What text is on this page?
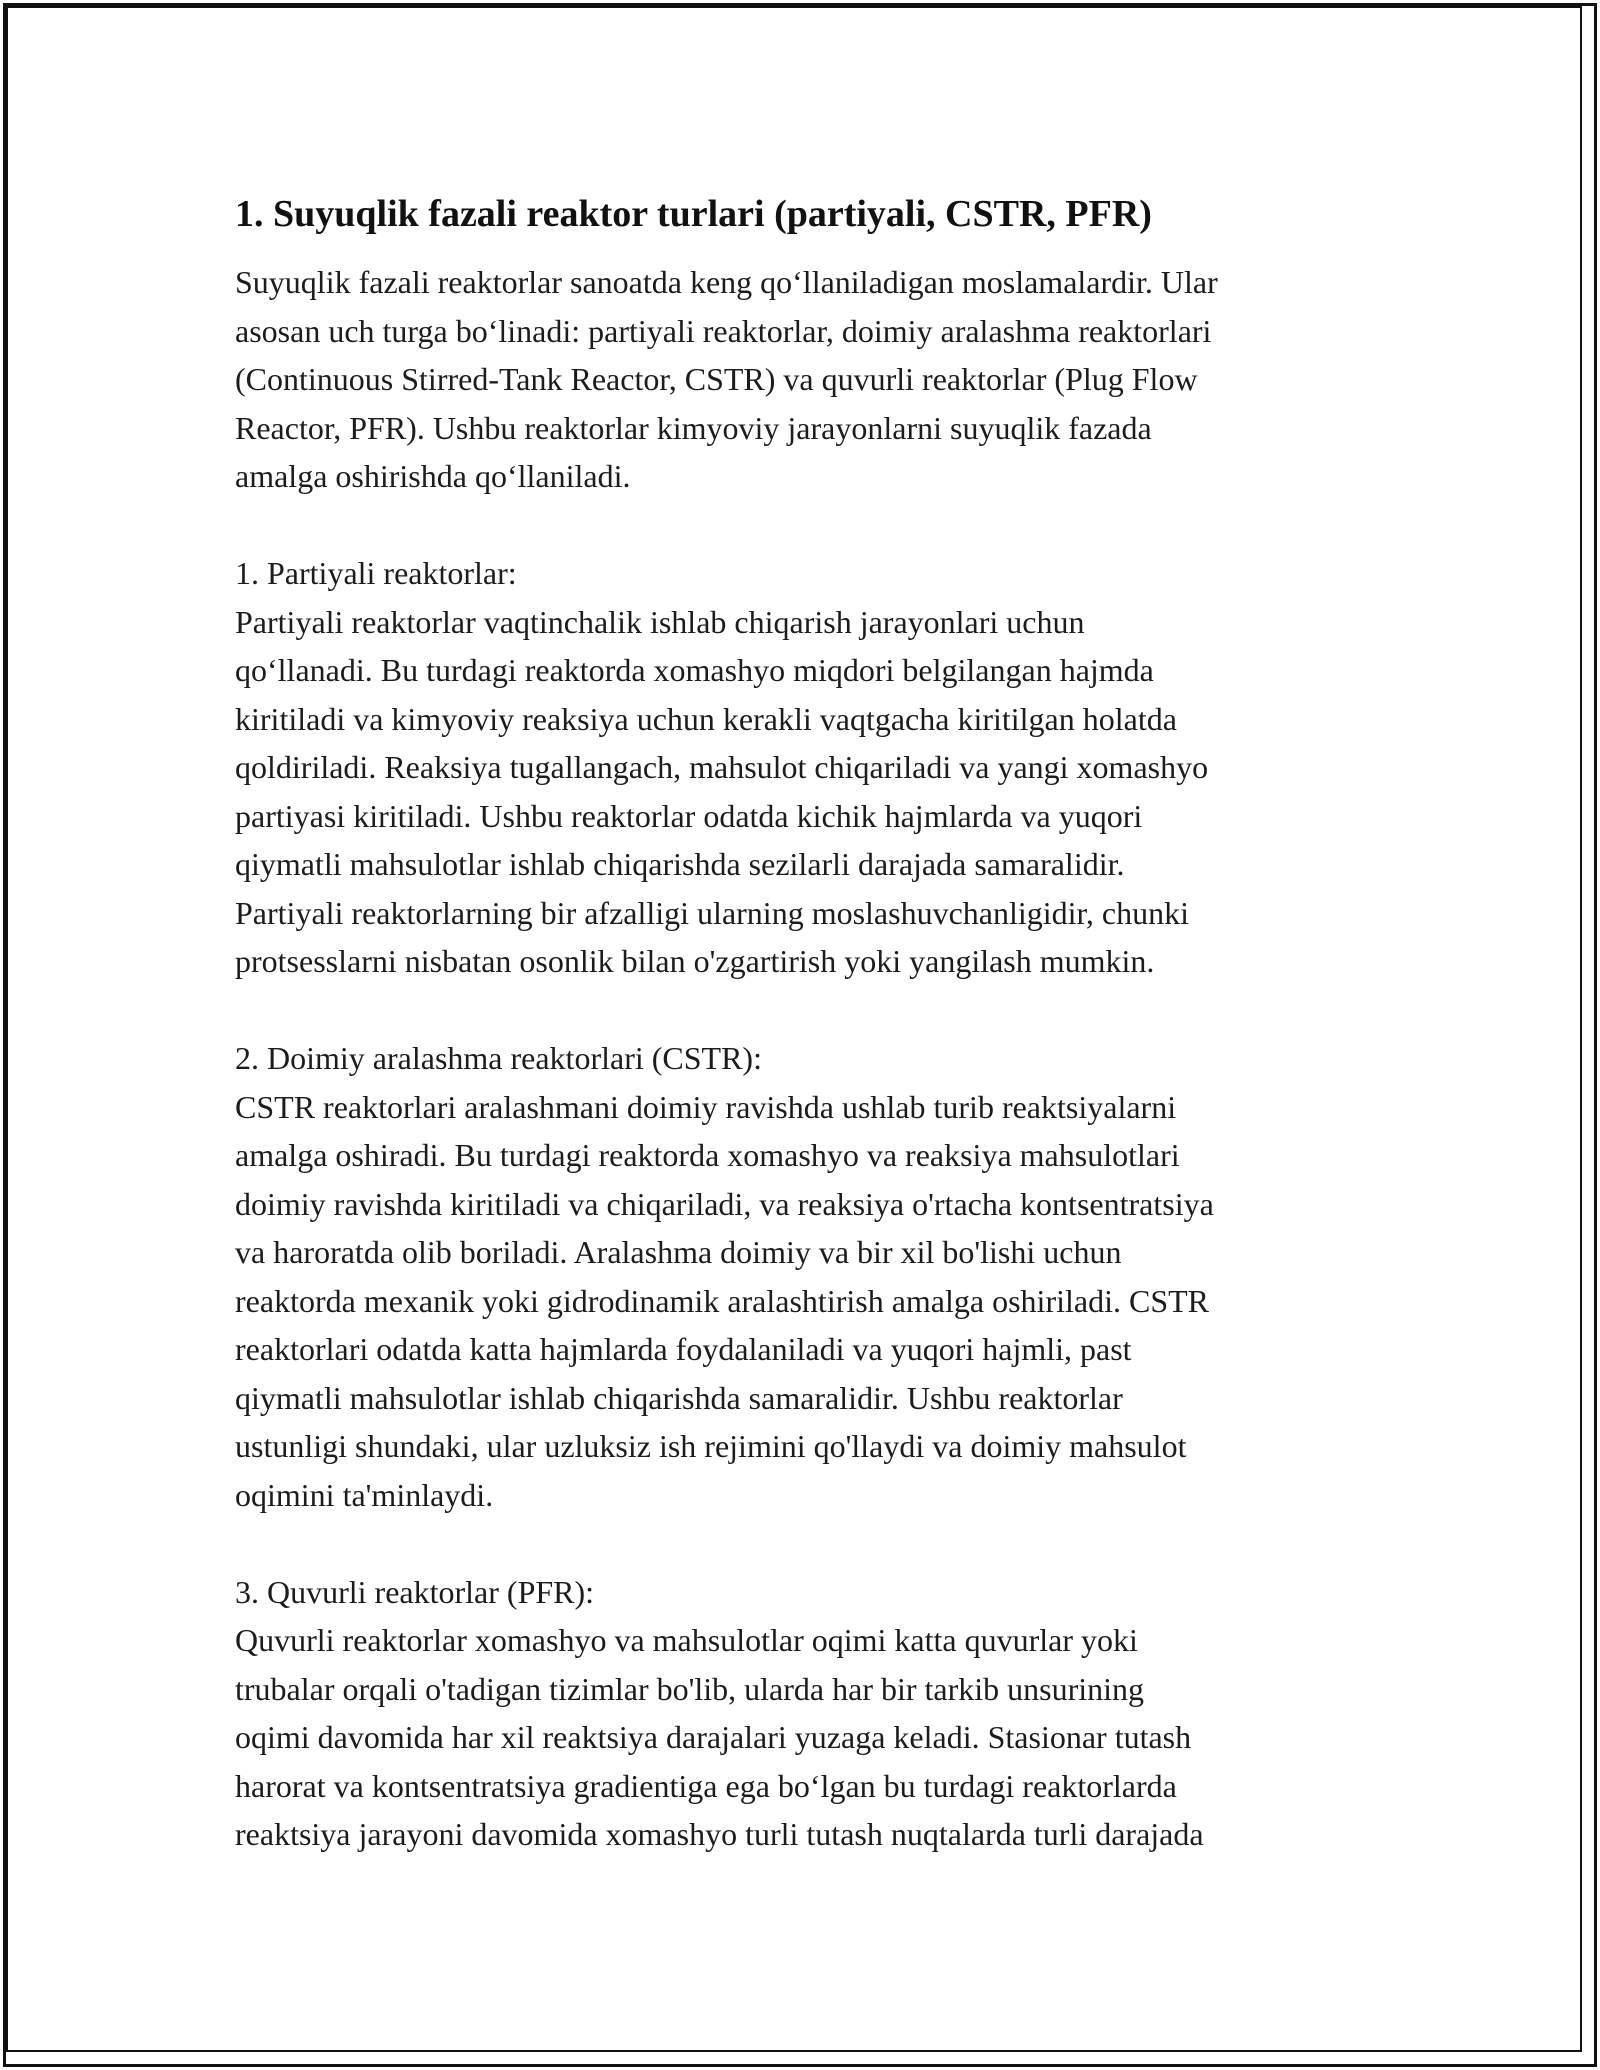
1. Suyuqlik fazali reaktor turlari (partiyali, CSTR, PFR)
Suyuqlik fazali reaktorlar sanoatda keng qo‘llaniladigan moslamalardir. Ular
asosan uch turga bo‘linadi: partiyali reaktorlar, doimiy aralashma reaktorlari
(Continuous Stirred-Tank Reactor, CSTR) va quvurli reaktorlar (Plug Flow
Reactor, PFR). Ushbu reaktorlar kimyoviy jarayonlarni suyuqlik fazada
amalga oshirishda qo‘llaniladi.
1. Partiyali reaktorlar:
Partiyali reaktorlar vaqtinchalik ishlab chiqarish jarayonlari uchun
qo‘llanadi. Bu turdagi reaktorda xomashyo miqdori belgilangan hajmda
kiritiladi va kimyoviy reaksiya uchun kerakli vaqtgacha kiritilgan holatda
qoldiriladi. Reaksiya tugallangach, mahsulot chiqariladi va yangi xomashyo
partiyasi kiritiladi. Ushbu reaktorlar odatda kichik hajmlarda va yuqori
qiymatli mahsulotlar ishlab chiqarishda sezilarli darajada samaralidir.
Partiyali reaktorlarning bir afzalligi ularning moslashuvchanligidir, chunki
protsesslarni nisbatan osonlik bilan o'zgartirish yoki yangilash mumkin.
2. Doimiy aralashma reaktorlari (CSTR):
CSTR reaktorlari aralashmani doimiy ravishda ushlab turib reaktsiyalarni
amalga oshiradi. Bu turdagi reaktorda xomashyo va reaksiya mahsulotlari
doimiy ravishda kiritiladi va chiqariladi, va reaksiya o'rtacha kontsentratsiya
va haroratda olib boriladi. Aralashma doimiy va bir xil bo'lishi uchun
reaktorda mexanik yoki gidrodinamik aralashtirish amalga oshiriladi. CSTR
reaktorlari odatda katta hajmlarda foydalaniladi va yuqori hajmli, past
qiymatli mahsulotlar ishlab chiqarishda samaralidir. Ushbu reaktorlar
ustunligi shundaki, ular uzluksiz ish rejimini qo'llaydi va doimiy mahsulot
oqimini ta'minlaydi.
3. Quvurli reaktorlar (PFR):
Quvurli reaktorlar xomashyo va mahsulotlar oqimi katta quvurlar yoki
trubalar orqali o'tadigan tizimlar bo'lib, ularda har bir tarkib unsurining
oqimi davomida har xil reaktsiya darajalari yuzaga keladi. Stasionar tutash
harorat va kontsentratsiya gradientiga ega bo‘lgan bu turdagi reaktorlarda
reaktsiya jarayoni davomida xomashyo turli tutash nuqtalarda turli darajada
